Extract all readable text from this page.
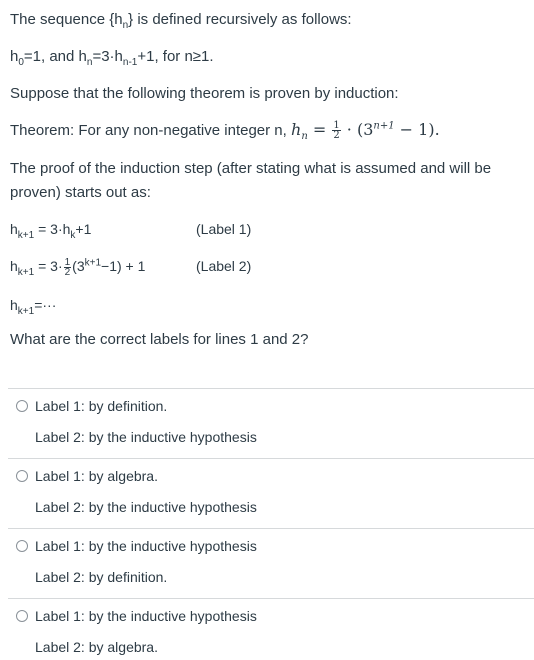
The sequence $\{h_n\}$ is defined recursively as follows:
$h_0=1$, and $h_n=3\cdot h_{n-1}+1$, for n≥1.
Suppose that the following theorem is proven by induction:
Theorem: For any non-negative integer n, $h_n = \frac{1}{2} \cdot (3^{n+1} - 1)$.
The proof of the induction step (after stating what is assumed and will be
proven) starts out as:
$h_{k+1} = 3\cdot h_k+1$	(Label 1)
$h_{k+1} = 3\cdot \frac{1}{2} (3^{k+1}-1) + 1$	(Label 2)
$h_{k+1}=\cdot\cdot\cdot$
What are the correct labels for lines 1 and 2?
Label 1: by definition.
Label 2: by the inductive hypothesis
Label 1: by algebra.
Label 2: by the inductive hypothesis
Label 1: by the inductive hypothesis
Label 2: by definition.
Label 1: by the inductive hypothesis
Label 2: by algebra.
